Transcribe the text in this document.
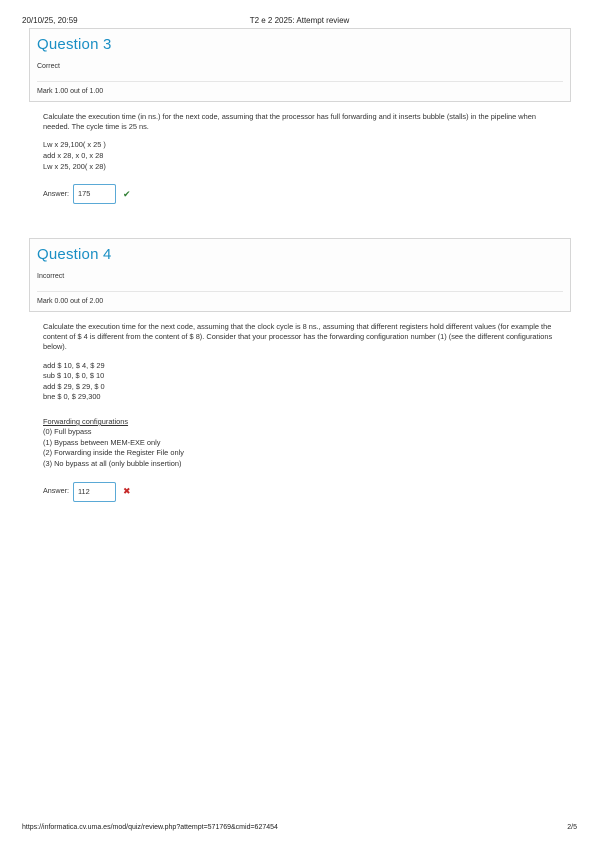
20/10/25, 20:59	T2 e 2 2025: Attempt review
Question 3
Correct
Mark 1.00 out of 1.00

Calculate the execution time (in ns.) for the next code, assuming that the processor has full forwarding and it inserts bubble (stalls) in the pipeline when needed. The cycle time is 25 ns.

Lw x 29,100( x 25 )
add x 28, x 0, x 28
Lw x 25, 200( x 28)
Answer:	175	✔
Question 4
Incorrect
Mark 0.00 out of 2.00

Calculate the execution time for the next code, assuming that the clock cycle is 8 ns., assuming that different registers hold different values (for example the content of $ 4 is different from the content of $ 8). Consider that your processor has the forwarding configuration number (1) (see the different configurations below).

add $ 10, $ 4, $ 29
sub $ 10, $ 0, $ 10
add $ 29, $ 29, $ 0
bne $ 0, $ 29,300
Forwarding configurations
(0) Full bypass
(1) Bypass between MEM-EXE only
(2) Forwarding inside the Register File only
(3) No bypass at all (only bubble insertion)
Answer:	112	✖
https://informatica.cv.uma.es/mod/quiz/review.php?attempt=571769&cmid=627454	2/5
